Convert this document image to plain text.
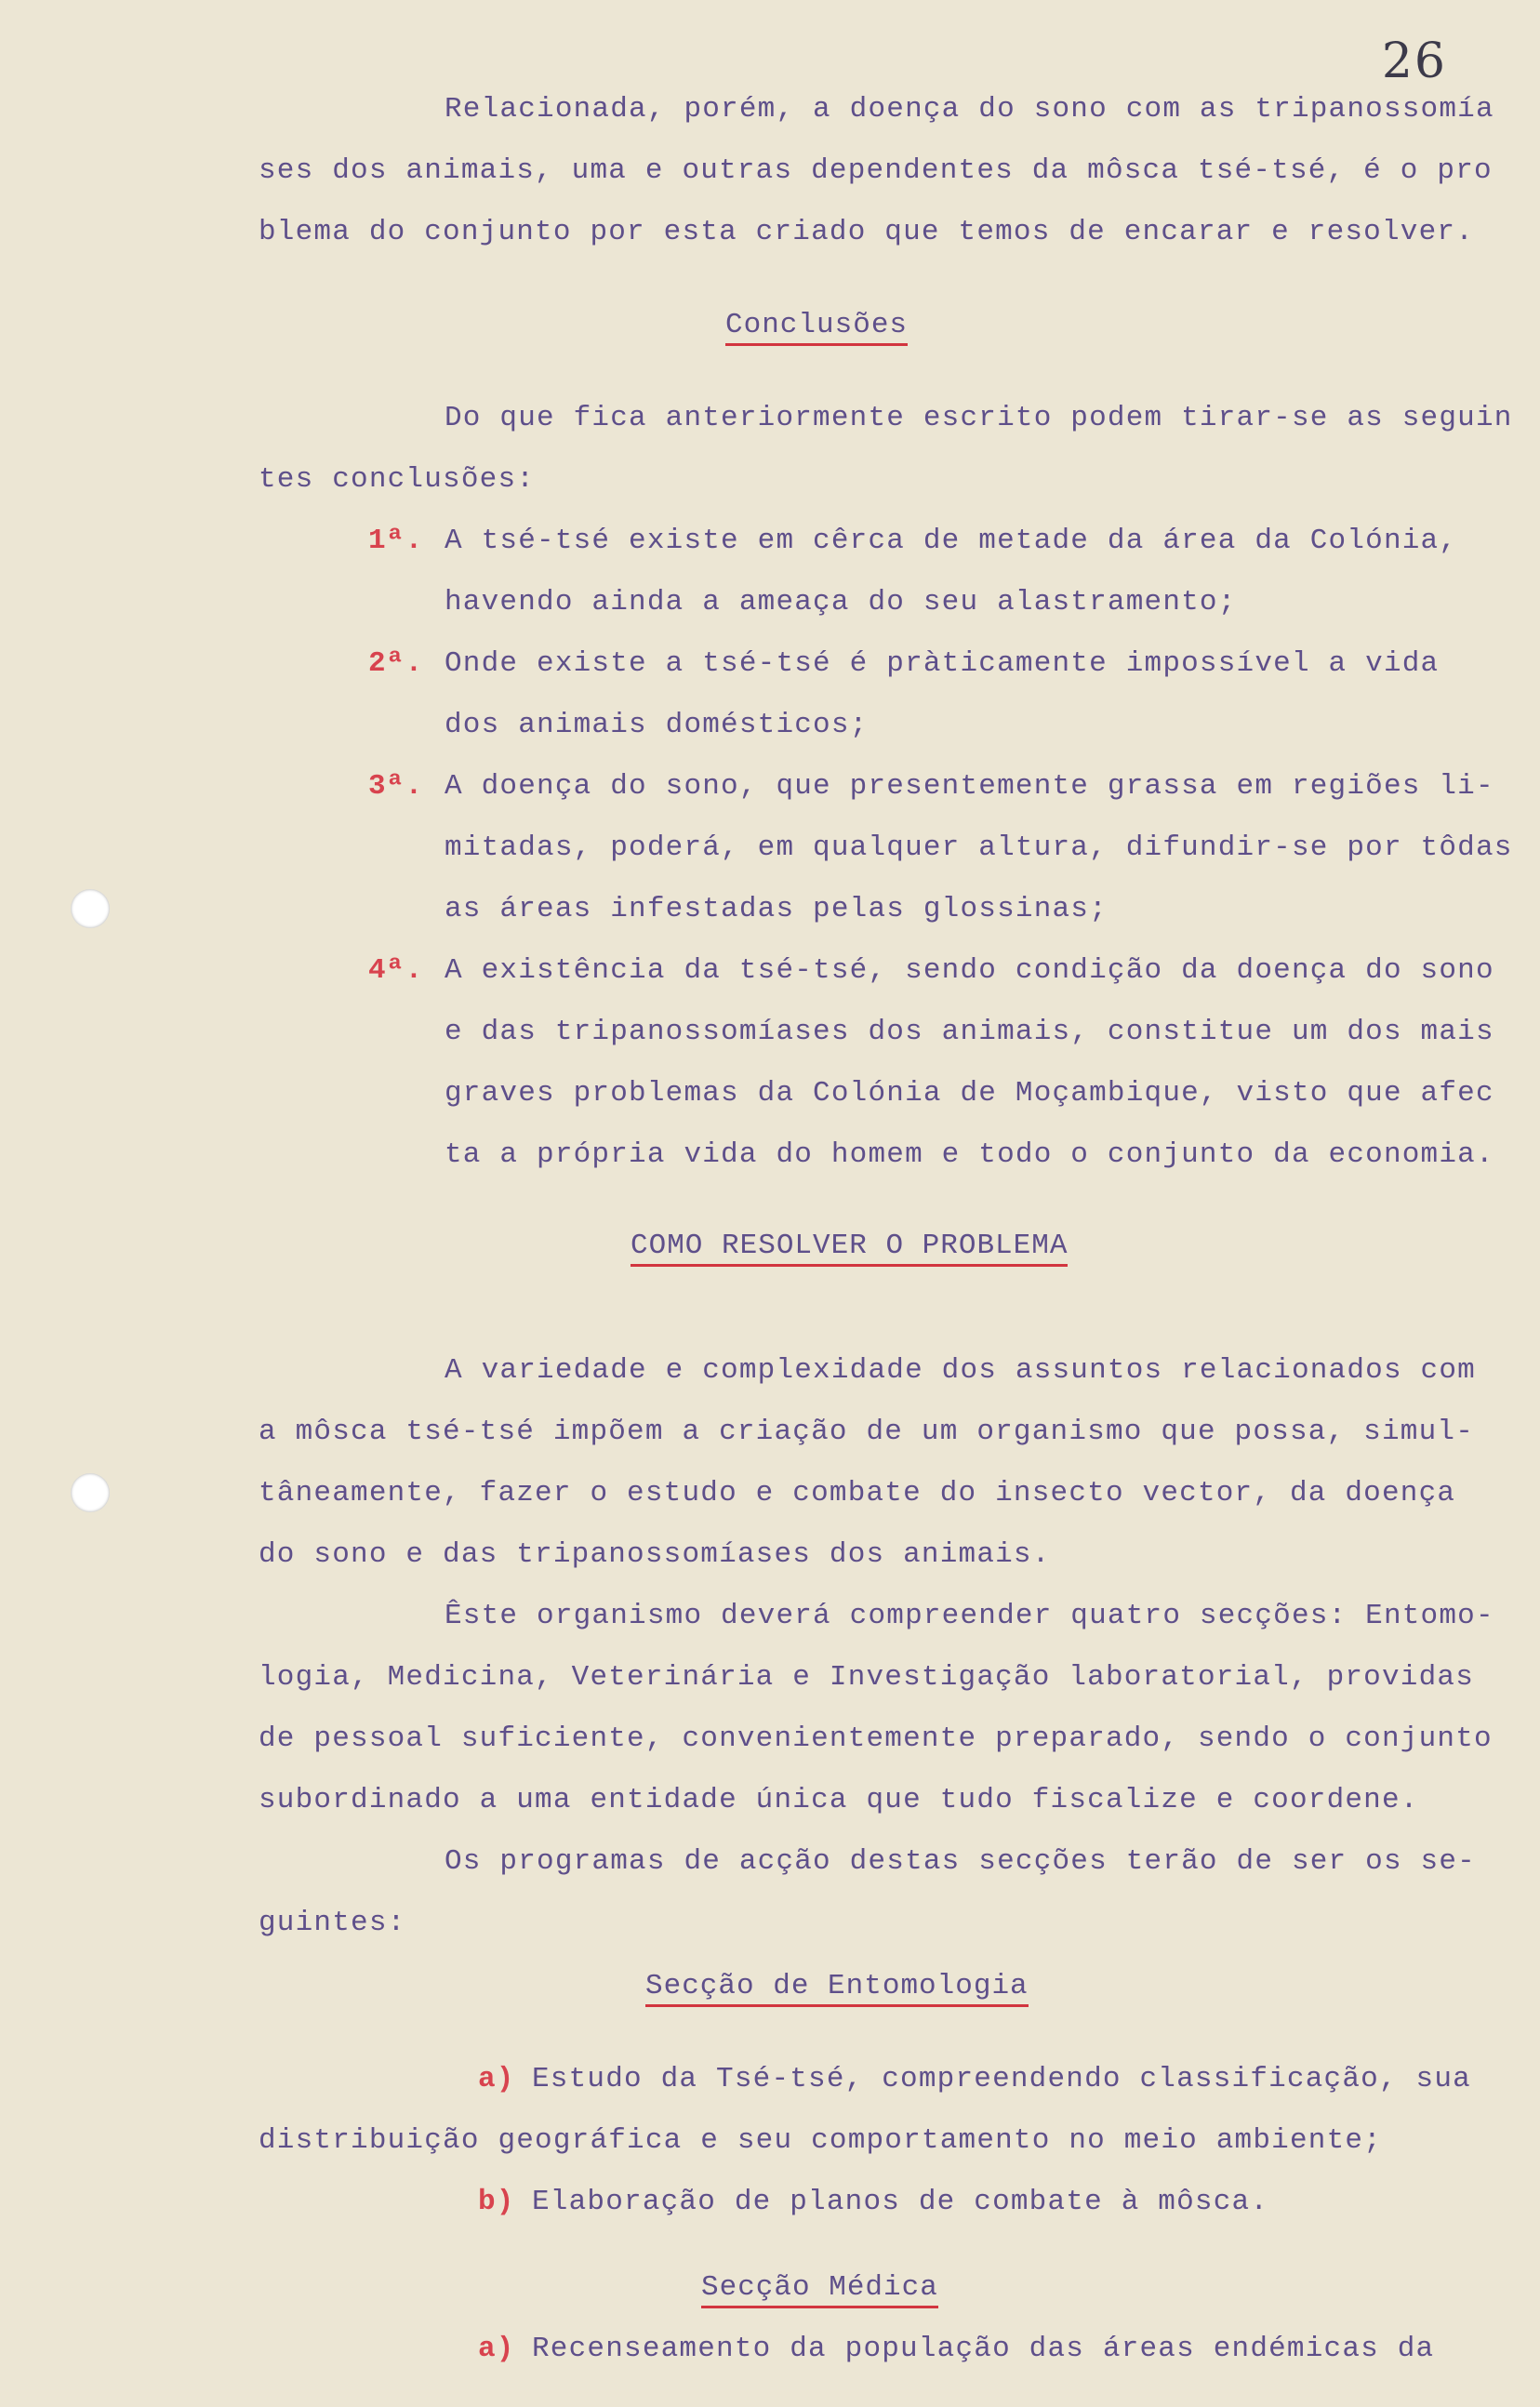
26
Relacionada, porém, a doença do sono com as tripanossomía
ses dos animais, uma e outras dependentes da môsca tsé-tsé, é o pro
blema do conjunto por esta criado que temos de encarar e resolver.
Conclusões
Do que fica anteriormente escrito podem tirar-se as seguin
tes conclusões:
1ª. A tsé-tsé existe em cêrca de metade da área da Colónia,
havendo ainda a ameaça do seu alastramento;
2ª. Onde existe a tsé-tsé é pràticamente impossível a vida
dos animais domésticos;
3ª. A doença do sono, que presentemente grassa em regiões li-
mitadas, poderá, em qualquer altura, difundir-se por tôdas
as áreas infestadas pelas glossinas;
4ª. A existência da tsé-tsé, sendo condição da doença do sono
e das tripanossomíases dos animais, constitue um dos mais
graves problemas da Colónia de Moçambique, visto que afec
ta a própria vida do homem e todo o conjunto da economia.
COMO RESOLVER O PROBLEMA
A variedade e complexidade dos assuntos relacionados com
a môsca tsé-tsé impõem a criação de um organismo que possa, simul-
tâneamente, fazer o estudo e combate do insecto vector, da doença
do sono e das tripanossomíases dos animais.
Êste organismo deverá compreender quatro secções: Entomo-
logia, Medicina, Veterinária e Investigação laboratorial, providas
de pessoal suficiente, convenientemente preparado, sendo o conjunto
subordinado a uma entidade única que tudo fiscalize e coordene.
Os programas de acção destas secções terão de ser os se-
guintes:
Secção de Entomologia
a) Estudo da Tsé-tsé, compreendendo classificação, sua
distribuição geográfica e seu comportamento no meio ambiente;
b) Elaboração de planos de combate à môsca.
Secção Médica
a) Recenseamento da população das áreas endémicas da
